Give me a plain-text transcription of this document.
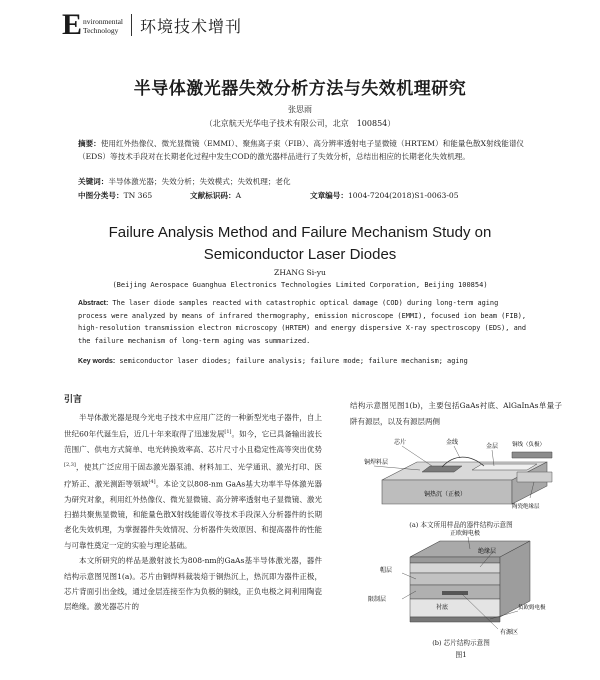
E nvironmental
Technology 环境技术增刊
半导体激光器失效分析方法与失效机理研究
张思雨
（北京航天光华电子技术有限公司，北京　100854）
摘要：使用红外热像仪、微光显微镜（EMMI）、聚焦离子束（FIB）、高分辨率透射电子显微镜（HRTEM）和能量色散X射线能谱仪（EDS）等技术手段对在长期老化过程中发生COD的激光器样品进行了失效分析，总结出相应的长期老化失效机理。
关键词：半导体激光器；失效分析；失效模式；失效机理；老化
中图分类号：TN 365	文献标识码：A	文章编号：1004-7204(2018)S1-0063-05
Failure Analysis Method and Failure Mechanism Study on Semiconductor Laser Diodes
ZHANG Si-yu
(Beijing Aerospace Guanghua Electronics Technologies Limited Corporation, Beijing 100854)
Abstract: The laser diode samples reacted with catastrophic optical damage (COD) during long-term aging process were analyzed by means of infrared thermography, emission microscope (EMMI), focused ion beam (FIB), high-resolution transmission electron microscopy (HRTEM) and energy dispersive X-ray spectroscopy (EDS), and the failure mechanism of long-term aging was summarized.
Key words: semiconductor laser diodes; failure analysis; failure mode; failure mechanism; aging
引言

半导体激光器是现今光电子技术中应用广泛的一种新型光电子器件，自上世纪60年代诞生后，近几十年来取得了迅速发展[1]。如今，它已具备输出波长范围广、供电方式简单、电光转换效率高、芯片尺寸小且稳定性高等突出优势[2,3]，使其广泛应用于固态激光器泵浦、材料加工、光学通讯、激光打印、医疗矫正、激光测距等领域[4]。本论文以808-nm GaAs基大功率半导体激光器为研究对象，利用红外热像仪、微光显微镜、高分辨率透射电子显微镜、激光扫描共聚焦显微镜，和能量色散X射线能谱仪等技术手段深入分析器件的长期老化失效机理，为掌握器件失效情况、分析器件失效原因、和提高器件的性能与可靠性奠定一定的实验与理论基础。

本文所研究的样品是激射波长为808-nm的GaAs基半导体激光器，器件结构示意图见图1(a)。芯片由铜焊料裁装焙于铜热沉上，热沉即为器件正极，芯片背面引出金线，通过金层连接至作为负极的铜线，正负电极之间利用陶瓷层绝缘。激光器芯片的

结构示意图见图1(b)，主要包括GaAs衬底、AlGaInAs单量子阱有源层，以及有源层两侧
芯片	金线
金层	铜线（负极）
铜焊料层
铜热沉（正极）
陶瓷绝缘层
(a) 本文所用样品的器件结构示意图
正欧姆电极
绝缘层
帽层
限制层
衬底	负欧姆电极
有源区
(b) 芯片结构示意图
图1
